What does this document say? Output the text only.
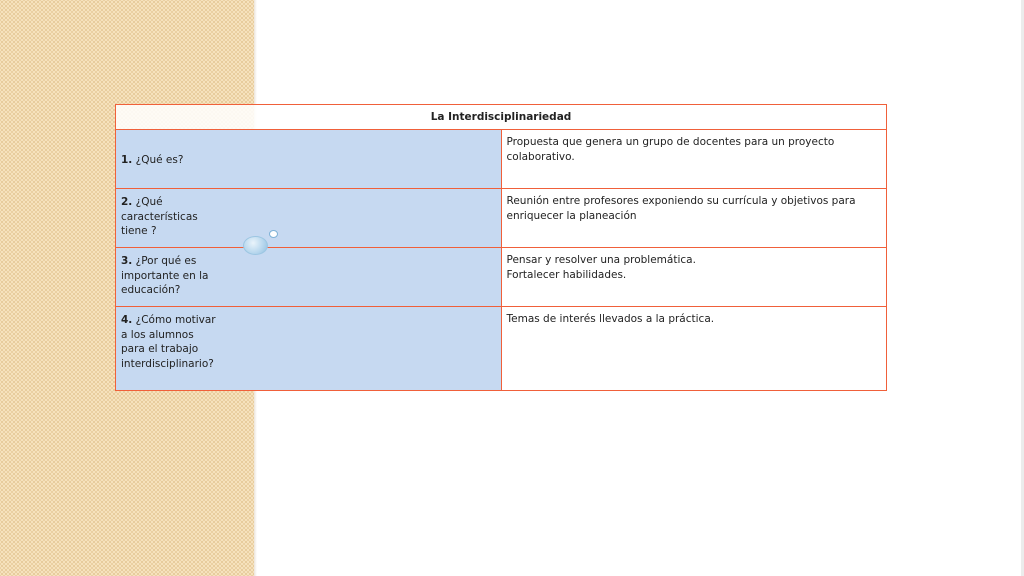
La Interdisciplinariedad	
1. ¿Qué es?	Propuesta que genera un grupo de docentes para un proyecto colaborativo.

2. ¿Qué
características
tiene ?	Reunión entre profesores exponiendo su currícula y objetivos para enriquecer la planeación

3. ¿Por qué es
importante en la
educación?	Pensar y resolver una problemática.
Fortalecer habilidades.

4. ¿Cómo motivar
a los alumnos
para el trabajo
interdisciplinario?	Temas de interés llevados a la práctica.
